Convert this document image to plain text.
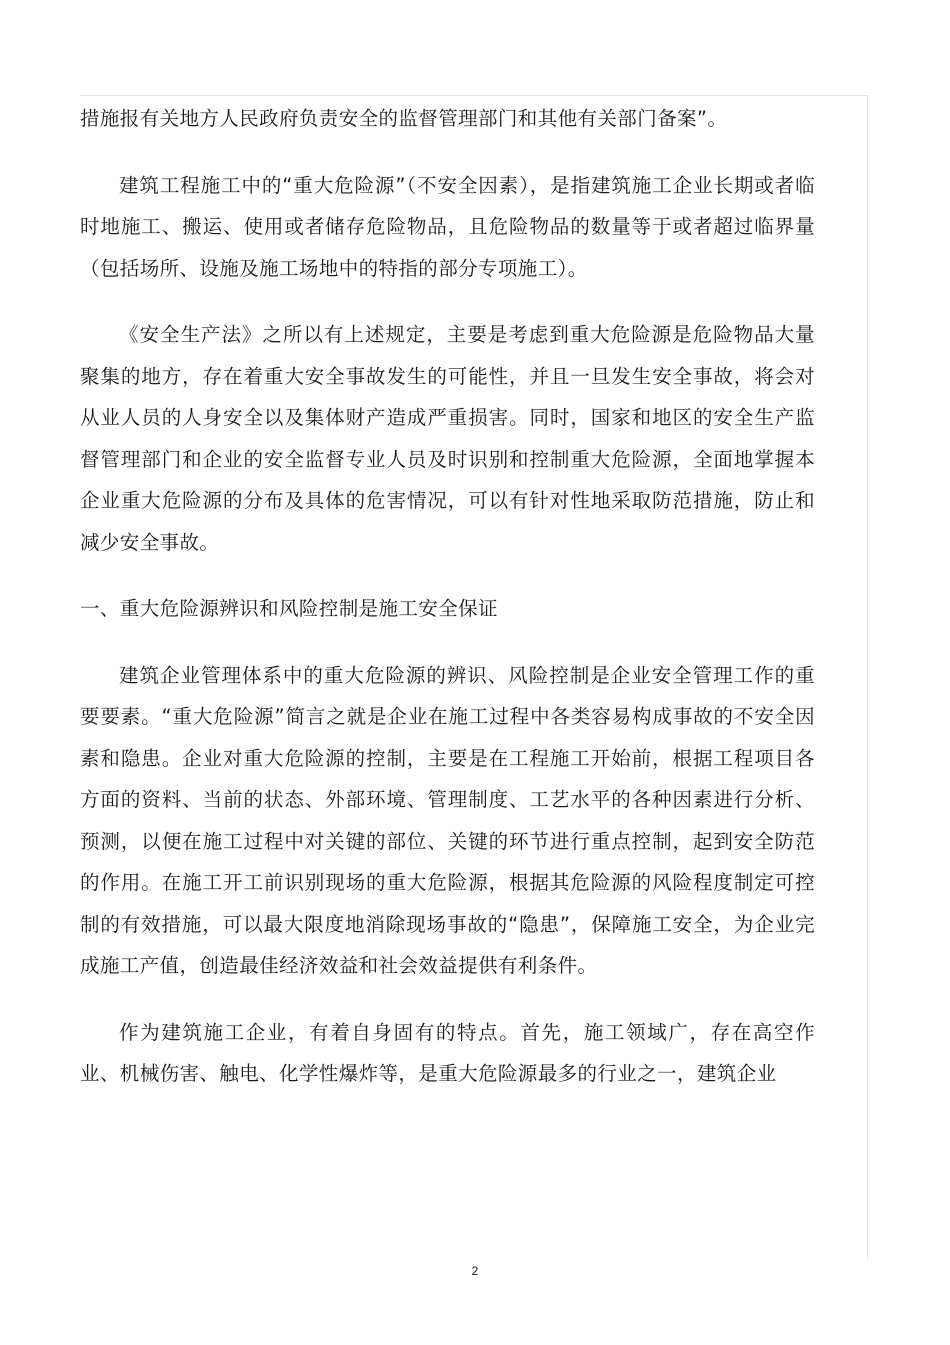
措施报有关地方人民政府负责安全的监督管理部门和其他有关部门备案”。

建筑工程施工中的“重大危险源”（不安全因素），是指建筑施工企业长期或者临时地施工、搬运、使用或者储存危险物品，且危险物品的数量等于或者超过临界量（包括场所、设施及施工场地中的特指的部分专项施工）。

《安全生产法》之所以有上述规定，主要是考虑到重大危险源是危险物品大量聚集的地方，存在着重大安全事故发生的可能性，并且一旦发生安全事故，将会对从业人员的人身安全以及集体财产造成严重损害。同时，国家和地区的安全生产监督管理部门和企业的安全监督专业人员及时识别和控制重大危险源，全面地掌握本企业重大危险源的分布及具体的危害情况，可以有针对性地采取防范措施，防止和减少安全事故。

一、重大危险源辨识和风险控制是施工安全保证

建筑企业管理体系中的重大危险源的辨识、风险控制是企业安全管理工作的重要要素。“重大危险源”简言之就是企业在施工过程中各类容易构成事故的不安全因素和隐患。企业对重大危险源的控制，主要是在工程施工开始前，根据工程项目各方面的资料、当前的状态、外部环境、管理制度、工艺水平的各种因素进行分析、预测，以便在施工过程中对关键的部位、关键的环节进行重点控制，起到安全防范的作用。在施工开工前识别现场的重大危险源，根据其危险源的风险程度制定可控制的有效措施，可以最大限度地消除现场事故的“隐患”，保障施工安全，为企业完成施工产值，创造最佳经济效益和社会效益提供有利条件。

作为建筑施工企业，有着自身固有的特点。首先，施工领域广，存在高空作业、机械伤害、触电、化学性爆炸等，是重大危险源最多的行业之一，建筑企业

2
